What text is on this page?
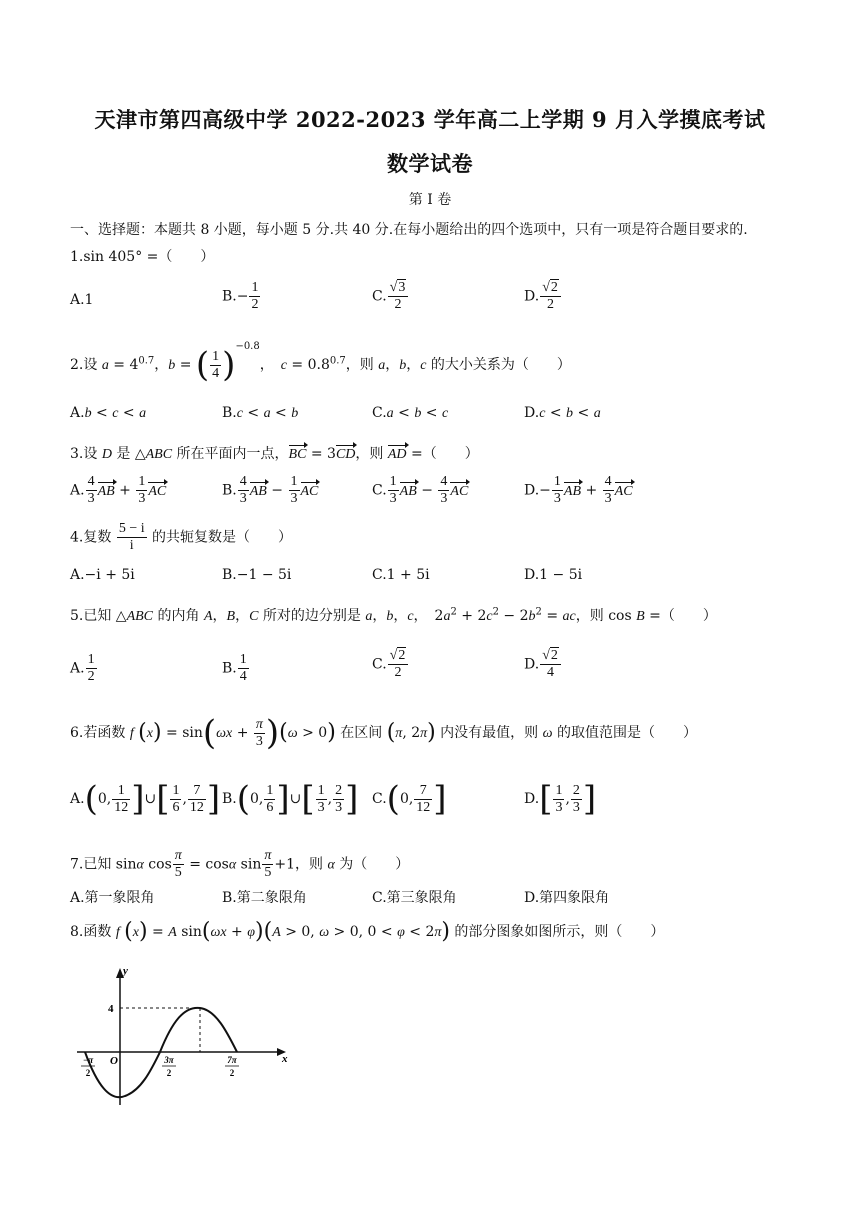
天津市第四高级中学 2022-2023 学年高二上学期 9 月入学摸底考试
数学试卷
第 I 卷
一、选择题：本题共 8 小题，每小题 5 分.共 40 分.在每小题给出的四个选项中，只有一项是符合题目要求的.
1.sin 405° =（　　）
A.1	$B.- \frac{1}{2}$	C. $\frac{√3}{2}$	D. $\frac{√2}{2}$
2.设 $a = 4^{0.7}$，b = ( $\frac{1}{4} )^{-0.8}$，　$c = 0.8^{0.7}$，则 a，b，c 的大小关系为（　　）
A.b < c < a	B.c < a < b	C.a < b < c	D.c < b < a
3.设 D 是 △ABC 所在平面内一点，BC = 3CD，则 AD =（　　）
A. $\frac{4}{3}$ AB + $\frac{1}{3}$ AC	B. $\frac{4}{3}$ AB − $\frac{1}{3}$ AC	C. $\frac{1}{3}$ AB − $\frac{4}{3}$ AC	$D.- \frac{1}{3}$ AB + $\frac{4}{3}$ AC
4.复数 $\frac{5 - i}{i}$ 的共轭复数是（　　）
A.−i + 5i	B.−1 − 5i	C.1 + 5i	D.1 − 5i
5.已知 △ABC 的内角 A，B，C 所对的边分别是 a，b，c，　$2a^2 + 2c^2 - 2b^2$ = ac，则 cos B =（　　）
A. $\frac{1}{2}$	B. $\frac{1}{4}$	C. $\frac{√2}{2}$	D. $\frac{√2}{4}$
6.若函数 f $(x) = \sin(\omega x + \frac{\pi}{3} )(\omega > 0)$ 在区间 (π, 2π) 内没有最值，则 ω 的取值范围是（　　）
A.(0, $\frac{1}{12}$ ]∪[ $\frac{1}{6}$ , $\frac{7}{12}$ ] B.(0, $\frac{1}{6}$ ]∪[ $\frac{1}{3}$ , $\frac{2}{3}$ ] C.(0, $\frac{7}{12}$ ]	$D.[ \frac{1}{3}$ , $\frac{2}{3}$ ]
7.已知 sinα $\cos \frac{\pi}{5} = \cos\alpha$ $\sin \frac{\pi}{5} +1$，则 α 为（　　）
A.第一象限角	B.第二象限角	C.第三象限角	D.第四象限角
8.函数 f (x) = A sin(ωx + φ)(A > 0, ω > 0, 0 < φ < 2π) 的部分图象如图所示，则（　　）
y
x
O
4
−π
2
3π
2
7π
2
